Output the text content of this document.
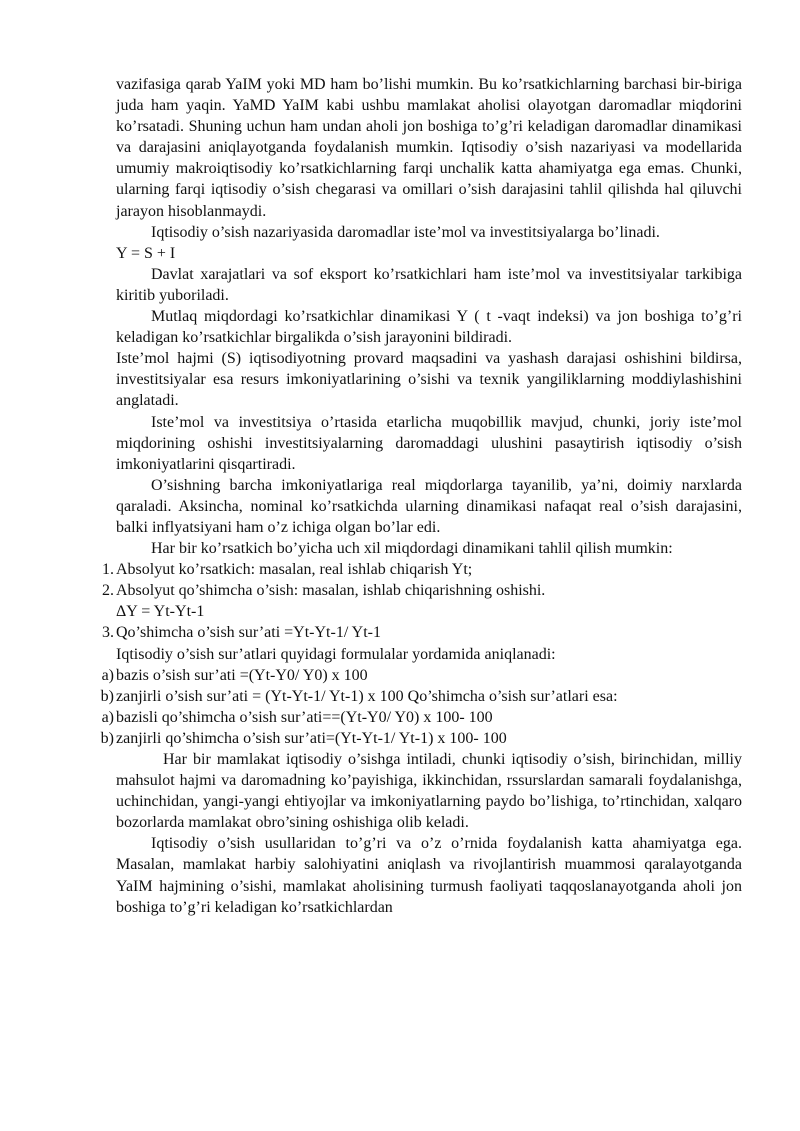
vazifasiga qarab YaIM yoki MD ham bo’lishi mumkin. Bu ko’rsatkichlarning barchasi bir-biriga juda ham yaqin. YaMD YaIM kabi ushbu mamlakat aholisi olayotgan daromadlar miqdorini ko’rsatadi. Shuning uchun ham undan aholi jon boshiga to’g’ri keladigan daromadlar dinamikasi va darajasini aniqlayotganda foydalanish mumkin. Iqtisodiy o’sish nazariyasi va modellarida umumiy makroiqtisodiy ko’rsatkichlarning farqi unchalik katta ahamiyatga ega emas. Chunki, ularning farqi iqtisodiy o’sish chegarasi va omillari o’sish darajasini tahlil qilishda hal qiluvchi jarayon hisoblanmaydi.

Iqtisodiy o’sish nazariyasida daromadlar iste’mol va investitsiyalarga bo’linadi.

Y = S + I

Davlat xarajatlari va sof eksport ko’rsatkichlari ham iste’mol va investitsiyalar tarkibiga kiritib yuboriladi.

Mutlaq miqdordagi ko’rsatkichlar dinamikasi Y ( t -vaqt indeksi) va jon boshiga to’g’ri keladigan ko’rsatkichlar birgalikda o’sish jarayonini bildiradi.

Iste’mol hajmi (S) iqtisodiyotning provard maqsadini va yashash darajasi oshishini bildirsa, investitsiyalar esa resurs imkoniyatlarining o’sishi va texnik yangiliklarning moddiylashishini anglatadi.

Iste’mol va investitsiya o’rtasida etarlicha muqobillik mavjud, chunki, joriy iste’mol miqdorining oshishi investitsiyalarning daromaddagi ulushini pasaytirish iqtisodiy o’sish imkoniyatlarini qisqartiradi.

O’sishning barcha imkoniyatlariga real miqdorlarga tayanilib, ya’ni, doimiy narxlarda qaraladi. Aksincha, nominal ko’rsatkichda ularning dinamikasi nafaqat real o’sish darajasini, balki inflyatsiyani ham o’z ichiga olgan bo’lar edi.

Har bir ko’rsatkich bo’yicha uch xil miqdordagi dinamikani tahlil qilish mumkin:

1. Absolyut ko’rsatkich: masalan, real ishlab chiqarish Yt;
2. Absolyut qo’shimcha o’sish: masalan, ishlab chiqarishning oshishi.

ΔY = Yt-Yt-1

3. Qo’shimcha o’sish sur’ati =Yt-Yt-1/ Yt-1

Iqtisodiy o’sish sur’atlari quyidagi formulalar yordamida aniqlanadi:

a) bazis o’sish sur’ati =(Yt-Y0/ Y0) x 100
b) zanjirli o’sish sur’ati = (Yt-Yt-1/ Yt-1) x 100 Qo’shimcha o’sish sur’atlari esa:
a) bazisli qo’shimcha o’sish sur’ati==(Yt-Y0/ Y0) x 100- 100
b) zanjirli qo’shimcha o’sish sur’ati=(Yt-Yt-1/ Yt-1) x 100- 100

Har bir mamlakat iqtisodiy o’sishga intiladi, chunki iqtisodiy o’sish, birinchidan, milliy mahsulot hajmi va daromadning ko’payishiga, ikkinchidan, rssurslardan samarali foydalanishga, uchinchidan, yangi-yangi ehtiyojlar va imkoniyatlarning paydo bo’lishiga, to’rtinchidan, xalqaro bozorlarda mamlakat obro’sining oshishiga olib keladi.

Iqtisodiy o’sish usullaridan to’g’ri va o’z o’rnida foydalanish katta ahamiyatga ega. Masalan, mamlakat harbiy salohiyatini aniqlash va rivojlantirish muammosi qaralayotganda YaIM hajmining o’sishi, mamlakat aholisining turmush faoliyati taqqoslanayotganda aholi jon boshiga to’g’ri keladigan ko’rsatkichlardan
